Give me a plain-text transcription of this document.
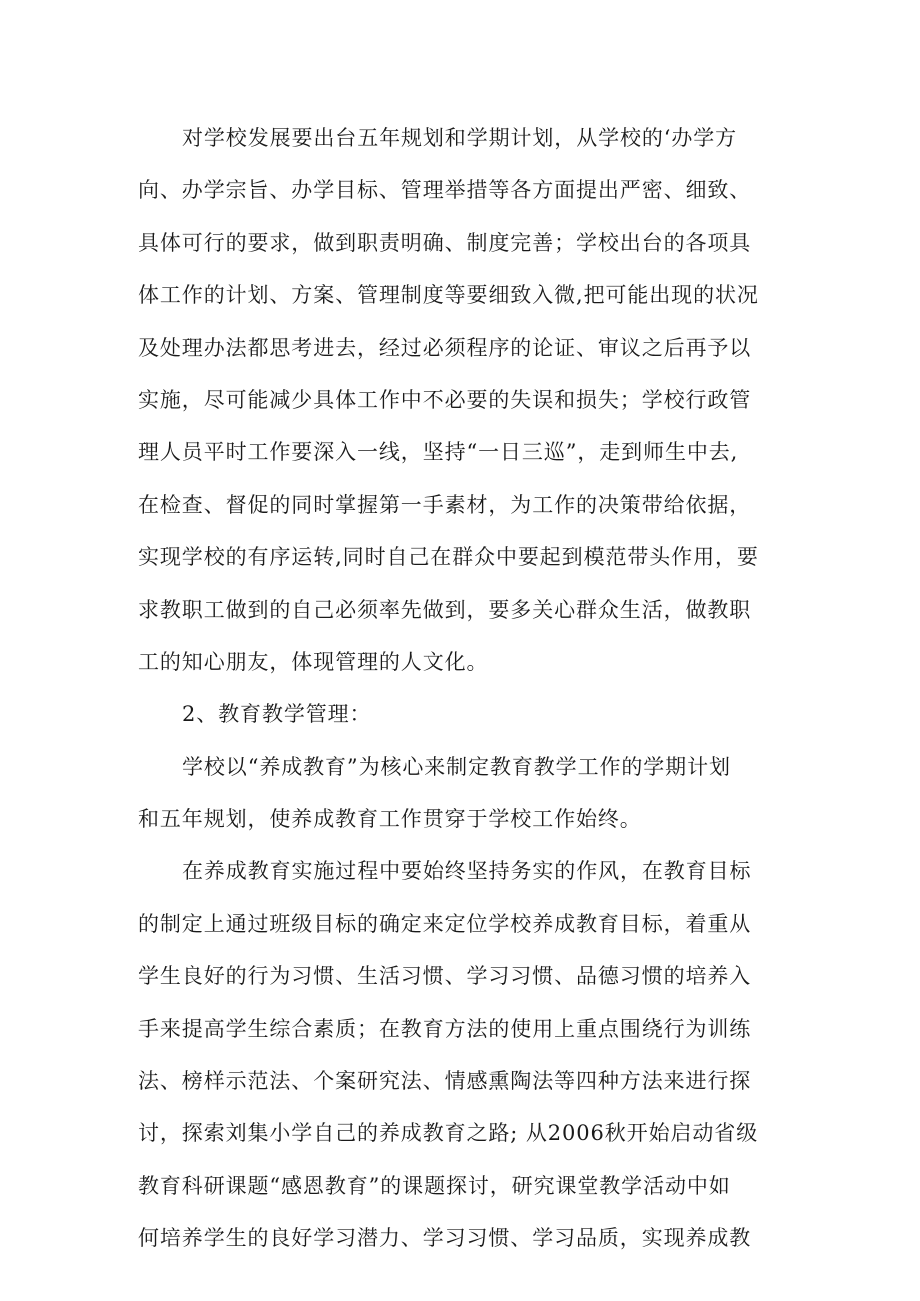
对学校发展要出台五年规划和学期计划，从学校的‘办学方
向、办学宗旨、办学目标、管理举措等各方面提出严密、细致、
具体可行的要求，做到职责明确、制度完善；学校出台的各项具
体工作的计划、方案、管理制度等要细致入微,把可能出现的状况
及处理办法都思考进去，经过必须程序的论证、审议之后再予以
实施，尽可能减少具体工作中不必要的失误和损失；学校行政管
理人员平时工作要深入一线，坚持“一日三巡”，走到师生中去,
在检查、督促的同时掌握第一手素材，为工作的决策带给依据，
实现学校的有序运转,同时自己在群众中要起到模范带头作用，要
求教职工做到的自己必须率先做到，要多关心群众生活，做教职
工的知心朋友，体现管理的人文化。
2、教育教学管理：
学校以“养成教育”为核心来制定教育教学工作的学期计划
和五年规划，使养成教育工作贯穿于学校工作始终。
在养成教育实施过程中要始终坚持务实的作风，在教育目标
的制定上通过班级目标的确定来定位学校养成教育目标，着重从
学生良好的行为习惯、生活习惯、学习习惯、品德习惯的培养入
手来提高学生综合素质；在教育方法的使用上重点围绕行为训练
法、榜样示范法、个案研究法、情感熏陶法等四种方法来进行探
讨，探索刘集小学自己的养成教育之路; 从2006秋开始启动省级
教育科研课题“感恩教育”的课题探讨，研究课堂教学活动中如
何培养学生的良好学习潜力、学习习惯、学习品质，实现养成教
